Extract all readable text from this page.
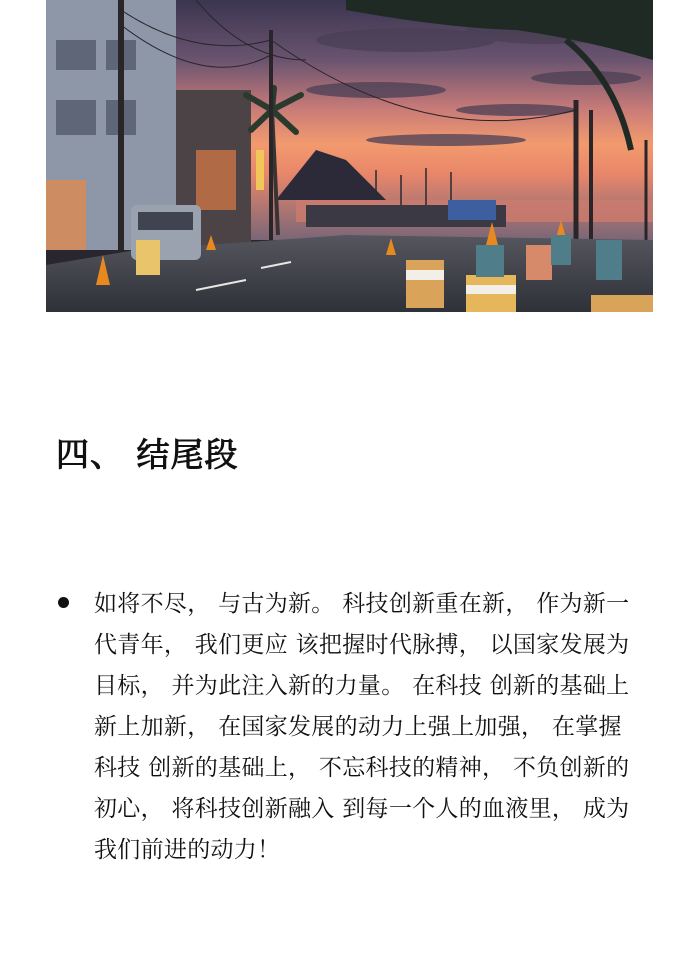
四、 结尾段
如将不尽， 与古为新。 科技创新重在新， 作为新一
代青年， 我们更应 该把握时代脉搏， 以国家发展为
目标， 并为此注入新的力量。 在科技 创新的基础上
新上加新， 在国家发展的动力上强上加强， 在掌握
科技 创新的基础上， 不忘科技的精神， 不负创新的
初心， 将科技创新融入 到每一个人的血液里， 成为
我们前进的动力！
